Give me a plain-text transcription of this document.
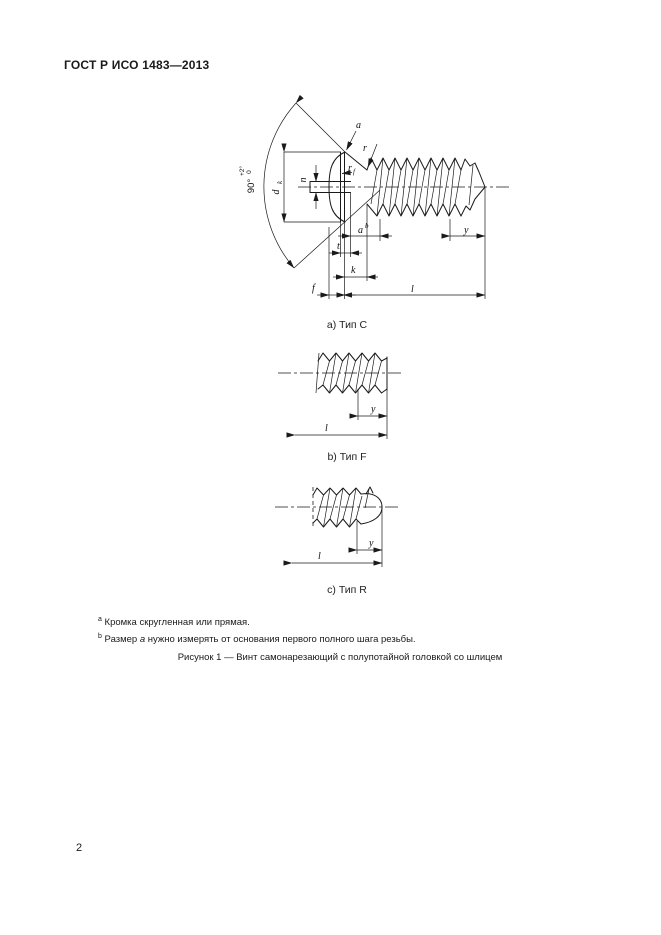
ГОСТ Р ИСО 1483—2013
90°
+2° 0
d
k n
a
r
r f
a b	y
t
k
f	l
a) Тип C
y
l
b) Тип F
y
l
c) Тип R
$^a$ Кромка скругленная или прямая.
$^b$ Размер a нужно измерять от основания первого полного шага резьбы.
Рисунок 1 — Винт самонарезающий с полупотайной головкой со шлицем
2
